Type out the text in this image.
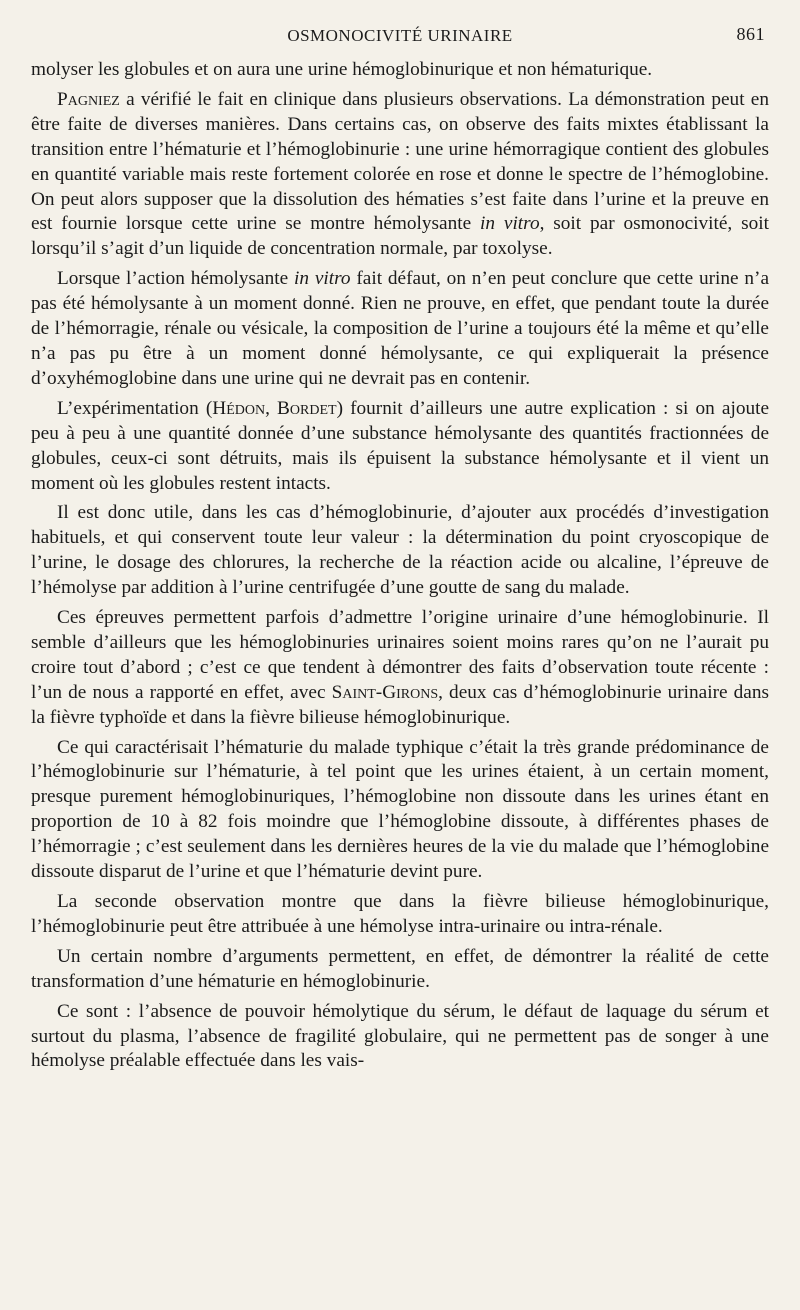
OSMONOCIVITÉ URINAIRE	861

molyser les globules et on aura une urine hémoglobinurique et non hématurique.

Pagniez a vérifié le fait en clinique dans plusieurs observations. La démonstration peut en être faite de diverses manières. Dans certains cas, on observe des faits mixtes établissant la transition entre l’hématurie et l’hémoglobinurie : une urine hémorragique contient des globules en quantité variable mais reste fortement colorée en rose et donne le spectre de l’hémoglobine. On peut alors supposer que la dissolution des hématies s’est faite dans l’urine et la preuve en est fournie lorsque cette urine se montre hémolysante in vitro, soit par osmonocivité, soit lorsqu’il s’agit d’un liquide de concentration normale, par toxolyse.

Lorsque l’action hémolysante in vitro fait défaut, on n’en peut conclure que cette urine n’a pas été hémolysante à un moment donné. Rien ne prouve, en effet, que pendant toute la durée de l’hémorragie, rénale ou vésicale, la composition de l’urine a toujours été la même et qu’elle n’a pas pu être à un moment donné hémolysante, ce qui expliquerait la présence d’oxyhémoglobine dans une urine qui ne devrait pas en contenir.

L’expérimentation (Hédon, Bordet) fournit d’ailleurs une autre explication : si on ajoute peu à peu à une quantité donnée d’une substance hémolysante des quantités fractionnées de globules, ceux-ci sont détruits, mais ils épuisent la substance hémolysante et il vient un moment où les globules restent intacts.

Il est donc utile, dans les cas d’hémoglobinurie, d’ajouter aux procédés d’investigation habituels, et qui conservent toute leur valeur : la détermination du point cryoscopique de l’urine, le dosage des chlorures, la recherche de la réaction acide ou alcaline, l’épreuve de l’hémolyse par addition à l’urine centrifugée d’une goutte de sang du malade.

Ces épreuves permettent parfois d’admettre l’origine urinaire d’une hémoglobinurie. Il semble d’ailleurs que les hémoglobinuries urinaires soient moins rares qu’on ne l’aurait pu croire tout d’abord ; c’est ce que tendent à démontrer des faits d’observation toute récente : l’un de nous a rapporté en effet, avec Saint-Girons, deux cas d’hémoglobinurie urinaire dans la fièvre typhoïde et dans la fièvre bilieuse hémoglobinurique.

Ce qui caractérisait l’hématurie du malade typhique c’était la très grande prédominance de l’hémoglobinurie sur l’hématurie, à tel point que les urines étaient, à un certain moment, presque purement hémoglobinuriques, l’hémoglobine non dissoute dans les urines étant en proportion de 10 à 82 fois moindre que l’hémoglobine dissoute, à différentes phases de l’hémorragie ; c’est seulement dans les dernières heures de la vie du malade que l’hémoglobine dissoute disparut de l’urine et que l’hématurie devint pure.

La seconde observation montre que dans la fièvre bilieuse hémoglobinurique, l’hémoglobinurie peut être attribuée à une hémolyse intra-urinaire ou intra-rénale.

Un certain nombre d’arguments permettent, en effet, de démontrer la réalité de cette transformation d’une hématurie en hémoglobinurie.

Ce sont : l’absence de pouvoir hémolytique du sérum, le défaut de laquage du sérum et surtout du plasma, l’absence de fragilité globulaire, qui ne permettent pas de songer à une hémolyse préalable effectuée dans les vais-
